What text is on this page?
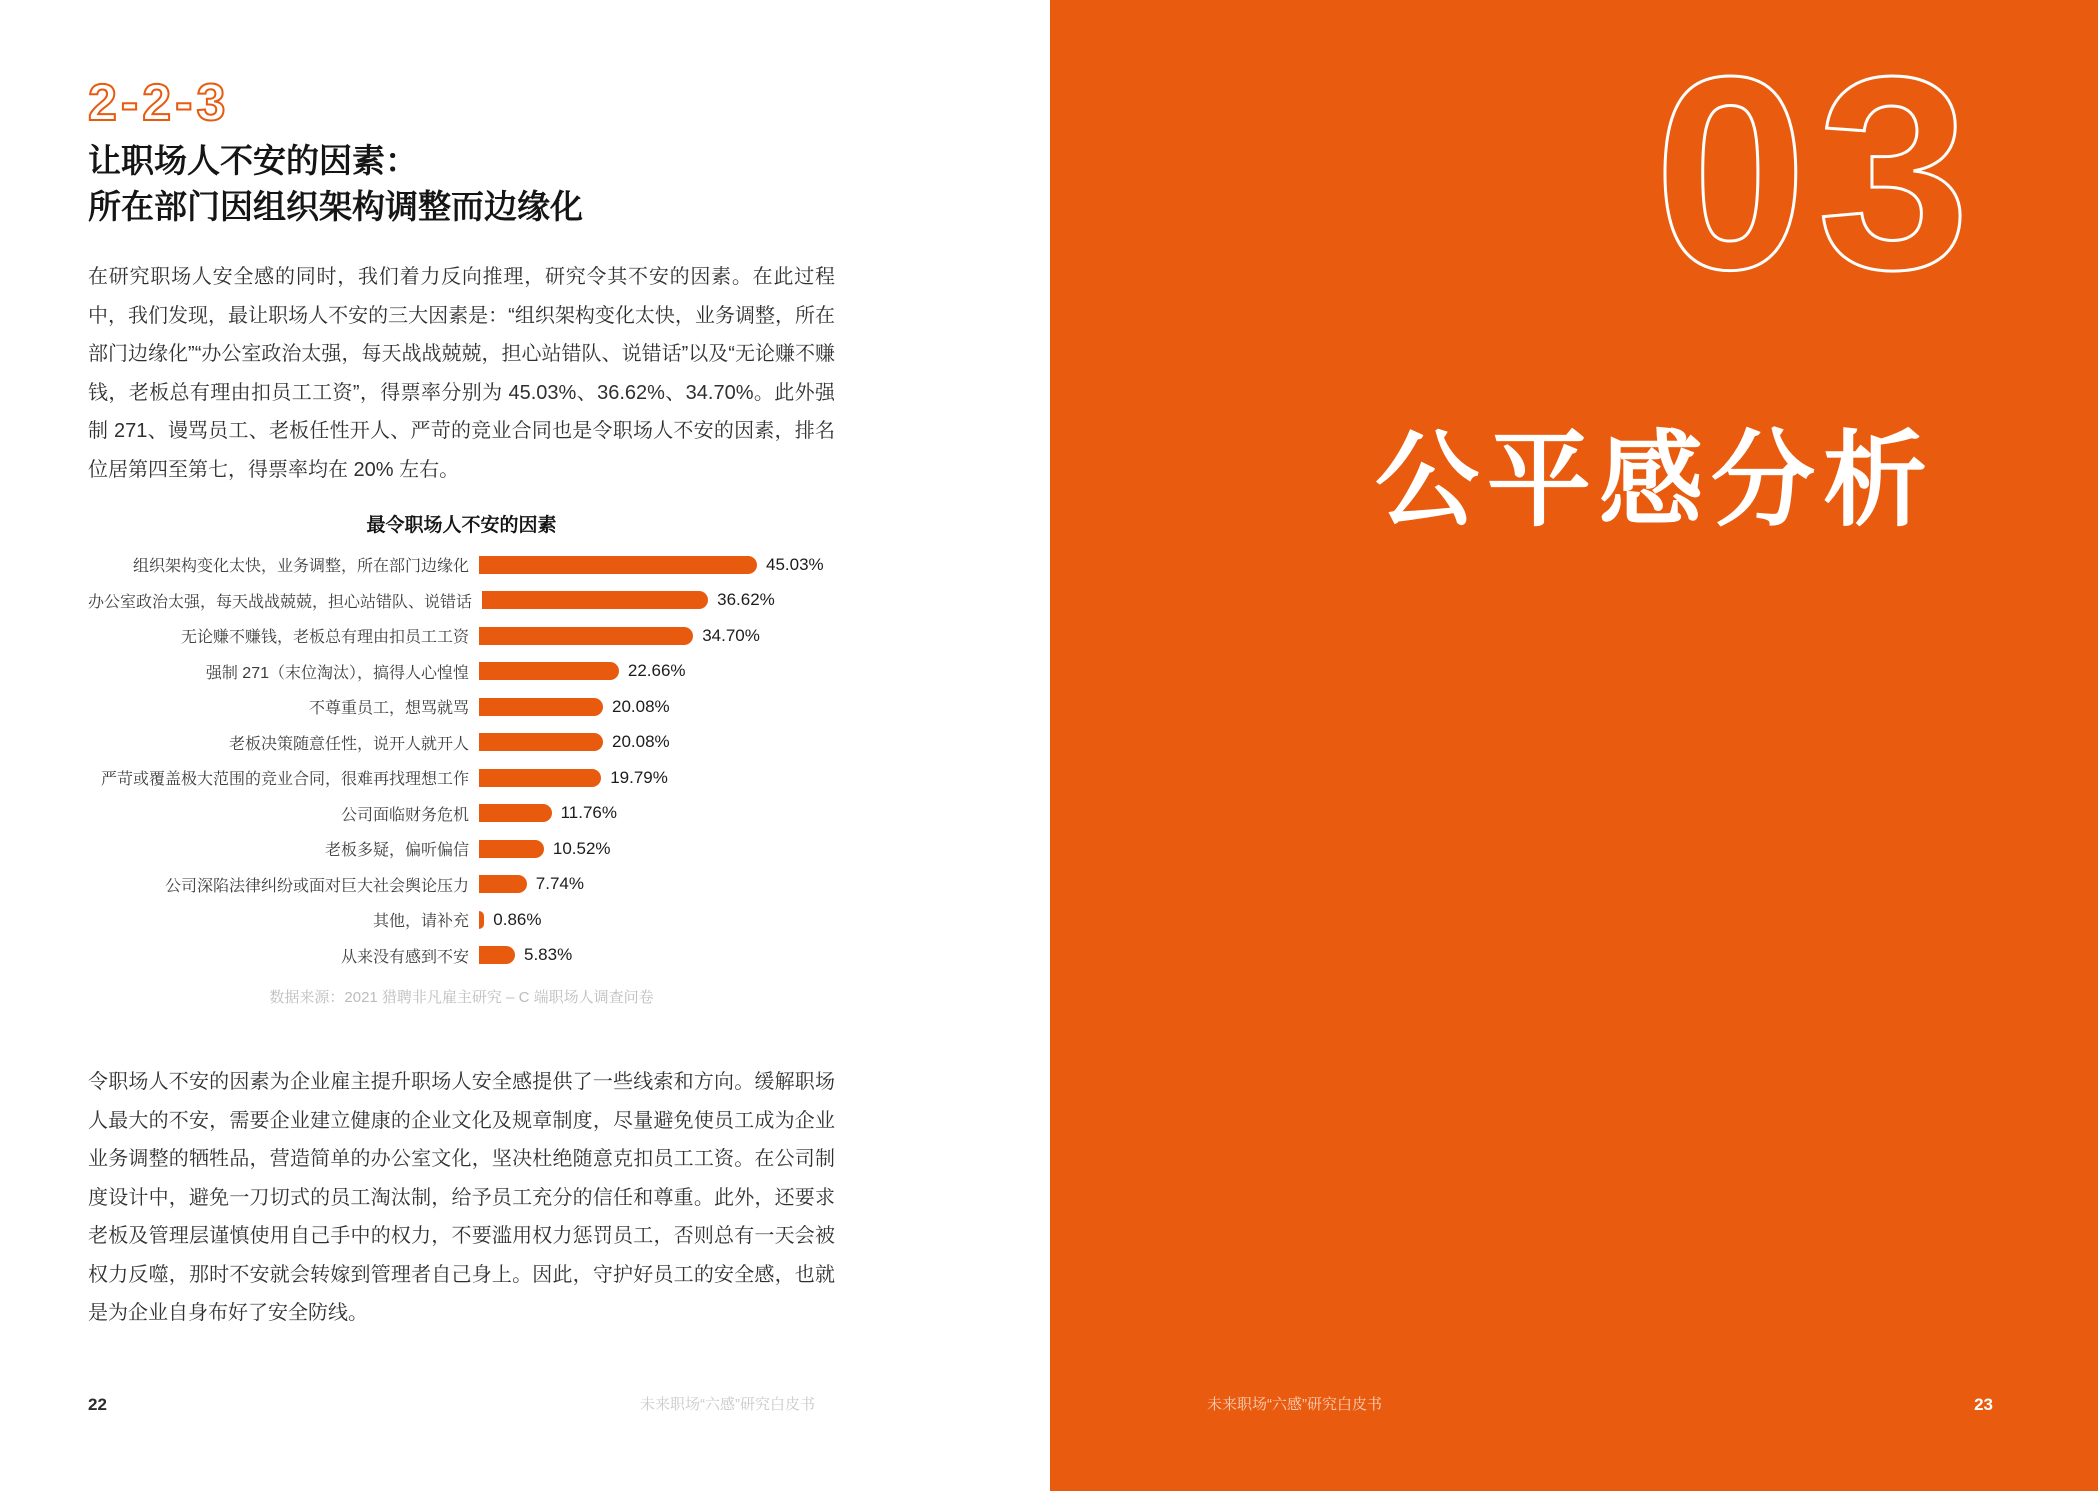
2-2-3
让职场人不安的因素：
所在部门因组织架构调整而边缘化

在研究职场人安全感的同时，我们着力反向推理，研究令其不安的因素。在此过程中，我们发现，最让职场人不安的三大因素是：“组织架构变化太快，业务调整，所在部门边缘化”“办公室政治太强，每天战战兢兢，担心站错队、说错话”以及“无论赚不赚钱，老板总有理由扣员工工资”，得票率分别为 45.03%、36.62%、34.70%。此外强制 271、谩骂员工、老板任性开人、严苛的竞业合同也是令职场人不安的因素，排名位居第四至第七，得票率均在 20% 左右。

最令职场人不安的因素
组织架构变化太快，业务调整，所在部门边缘化	45.03%
办公室政治太强，每天战战兢兢，担心站错队、说错话	36.62%
无论赚不赚钱，老板总有理由扣员工工资	34.70%
强制 271（末位淘汰），搞得人心惶惶	22.66%
不尊重员工，想骂就骂	20.08%
老板决策随意任性，说开人就开人	20.08%
严苛或覆盖极大范围的竞业合同，很难再找理想工作	19.79%
公司面临财务危机	11.76%
老板多疑，偏听偏信	10.52%
公司深陷法律纠纷或面对巨大社会舆论压力	7.74%
其他，请补充	0.86%
从来没有感到不安	5.83%
数据来源：2021 猎聘非凡雇主研究 – C 端职场人调查问卷

令职场人不安的因素为企业雇主提升职场人安全感提供了一些线索和方向。缓解职场人最大的不安，需要企业建立健康的企业文化及规章制度，尽量避免使员工成为企业业务调整的牺牲品，营造简单的办公室文化，坚决杜绝随意克扣员工工资。在公司制度设计中，避免一刀切式的员工淘汰制，给予员工充分的信任和尊重。此外，还要求老板及管理层谨慎使用自己手中的权力，不要滥用权力惩罚员工，否则总有一天会被权力反噬，那时不安就会转嫁到管理者自己身上。因此，守护好员工的安全感，也就是为企业自身布好了安全防线。

22	未来职场“六感”研究白皮书
03
公平感分析
未来职场“六感”研究白皮书	23
